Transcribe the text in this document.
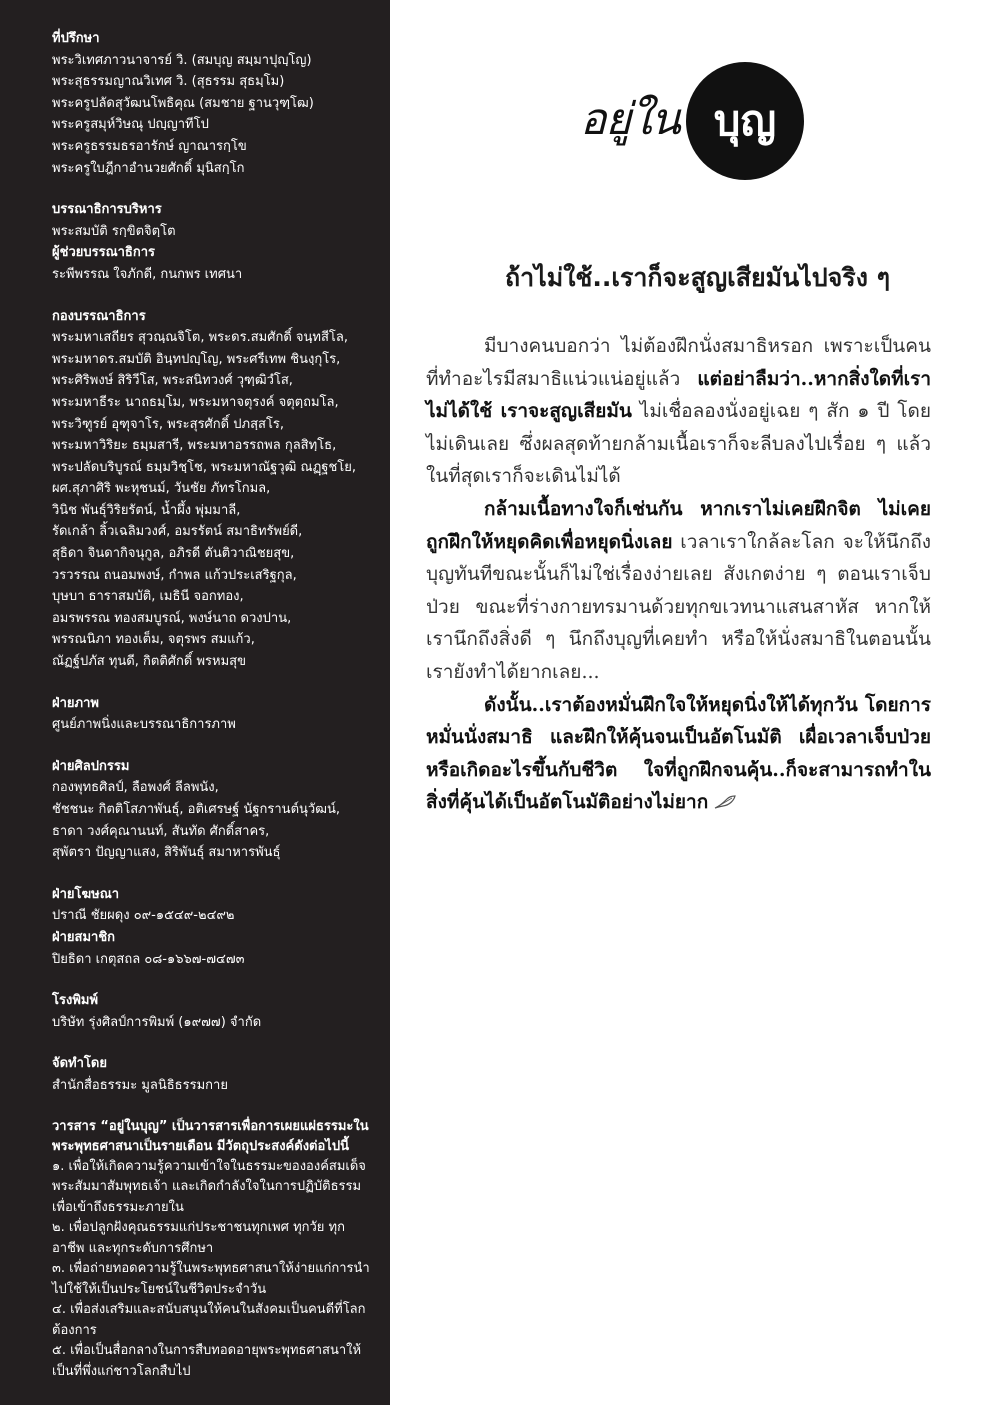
ที่ปรึกษา
พระวิเทศภาวนาจารย์ วิ. (สมบุญ สมฺมาปุญฺโญ)
พระสุธรรมญาณวิเทศ วิ. (สุธรรม สุธมฺโม)
พระครูปลัดสุวัฒนโพธิคุณ (สมชาย ฐานวุฑฺโฒ)
พระครูสมุห์วิษณุ ปญฺญาทีโป
พระครูธรรมธรอารักษ์ ญาณารกฺโข
พระครูใบฎีกาอำนวยศักดิ์ มุนิสกฺโก
บรรณาธิการบริหาร
พระสมบัติ รกฺขิตจิตฺโต
ผู้ช่วยบรรณาธิการ
ระพีพรรณ ใจภักดี, กนกพร เทศนา
กองบรรณาธิการ
พระมหาเสถียร สุวณฺณจิโต, พระดร.สมศักดิ์ จนฺทสีโล,
พระมหาดร.สมบัติ อินฺทปญฺโญ, พระศรีเทพ ชินงฺกุโร,
พระศิริพงษ์ สิริวีโส, พระสนิทวงศ์ วุฑฺฒิวํโส,
พระมหาธีระ นาถธมฺโม, พระมหาจตุรงค์ จตุตฺถมโล,
พระวิฑูรย์ อุฑุจาโร, พระสุรศักดิ์ ปภสฺสโร,
พระมหาวิริยะ ธมฺมสารี, พระมหาอรรถพล กุลสิทฺโธ,
พระปลัดบริบูรณ์ ธมฺมวิชฺโช, พระมหาณัฐวุฒิ ณฏฺฐชโย,
ผศ.สุภาศิริ พะหุชนม์, วันชัย ภัทรโกมล,
วินิช พันธุ์วิริยรัตน์, น้ำผึ้ง พุ่มมาลี,
รัดเกล้า ลิ้วเฉลิมวงศ์, อมรรัตน์ สมาธิทรัพย์ดี,
สุธิดา จินดากิจนุกูล, อภิรดี ตันติวาณิชยสุข,
วรวรรณ ถนอมพงษ์, กำพล แก้วประเสริฐกุล,
บุษบา ธาราสมบัติ, เมธินี จอกทอง,
อมรพรรณ ทองสมบูรณ์, พงษ์นาถ ดวงปาน,
พรรณนิภา ทองเต็ม, จตุรพร สมแก้ว,
ณัฏฐ์ปภัส ทุนดี, กิตติศักดิ์ พรหมสุข
ฝ่ายภาพ
ศูนย์ภาพนิ่งและบรรณาธิการภาพ
ฝ่ายศิลปกรรม
กองพุทธศิลป์, ลือพงศ์ ลีลพนัง,
ชัชชนะ กิตติโสภาพันธุ์, อติเศรษฐ์ นัฐกรานต์นุวัฒน์,
ธาดา วงศ์คุณานนท์, สันทัด ศักดิ์สาคร,
สุพัตรา ปัญญาแสง, สิริพันธุ์ สมาหารพันธุ์
ฝ่ายโฆษณา
ปราณี ชัยผดุง ๐๙-๑๕๔๙-๒๔๙๒
ฝ่ายสมาชิก
ปิยธิดา เกตุสถล ๐๘-๑๖๖๗-๗๔๗๓
โรงพิมพ์
บริษัท รุ่งศิลป์การพิมพ์ (๑๙๗๗) จำกัด
จัดทำโดย
สำนักสื่อธรรมะ มูลนิธิธรรมกาย
วารสาร “อยู่ในบุญ” เป็นวารสารเพื่อการเผยแผ่ธรรมะในพระพุทธศาสนาเป็นรายเดือน มีวัตถุประสงค์ดังต่อไปนี้
๑. เพื่อให้เกิดความรู้ความเข้าใจในธรรมะขององค์สมเด็จพระสัมมาสัมพุทธเจ้า และเกิดกำลังใจในการปฏิบัติธรรมเพื่อเข้าถึงธรรมะภายใน
๒. เพื่อปลูกฝังคุณธรรมแก่ประชาชนทุกเพศ ทุกวัย ทุกอาชีพ และทุกระดับการศึกษา
๓. เพื่อถ่ายทอดความรู้ในพระพุทธศาสนาให้ง่ายแก่การนำไปใช้ให้เป็นประโยชน์ในชีวิตประจำวัน
๔. เพื่อส่งเสริมและสนับสนุนให้คนในสังคมเป็นคนดีที่โลกต้องการ
๕. เพื่อเป็นสื่อกลางในการสืบทอดอายุพระพุทธศาสนาให้เป็นที่พึ่งแก่ชาวโลกสืบไป
อยู่ใน บุญ
ถ้าไม่ใช้..เราก็จะสูญเสียมันไปจริง ๆ

มีบางคนบอกว่า ไม่ต้องฝึกนั่งสมาธิหรอก เพราะเป็นคนที่ทำอะไรมีสมาธิแน่วแน่อยู่แล้ว แต่อย่าลืมว่า..หากสิ่งใดที่เราไม่ได้ใช้ เราจะสูญเสียมัน ไม่เชื่อลองนั่งอยู่เฉย ๆ สัก ๑ ปี โดยไม่เดินเลย ซึ่งผลสุดท้ายกล้ามเนื้อเราก็จะลีบลงไปเรื่อย ๆ แล้วในที่สุดเราก็จะเดินไม่ได้

กล้ามเนื้อทางใจก็เช่นกัน หากเราไม่เคยฝึกจิต ไม่เคยถูกฝึกให้หยุดคิดเพื่อหยุดนิ่งเลย เวลาเราใกล้ละโลก จะให้นึกถึงบุญทันทีขณะนั้นก็ไม่ใช่เรื่องง่ายเลย สังเกตง่าย ๆ ตอนเราเจ็บป่วย ขณะที่ร่างกายทรมานด้วยทุกขเวทนาแสนสาหัส หากให้เรานึกถึงสิ่งดี ๆ นึกถึงบุญที่เคยทำ หรือให้นั่งสมาธิในตอนนั้น เรายังทำได้ยากเลย...

ดังนั้น..เราต้องหมั่นฝึกใจให้หยุดนิ่งให้ได้ทุกวัน โดยการหมั่นนั่งสมาธิ และฝึกให้คุ้นจนเป็นอัตโนมัติ เผื่อเวลาเจ็บป่วยหรือเกิดอะไรขึ้นกับชีวิต ใจที่ถูกฝึกจนคุ้น..ก็จะสามารถทำในสิ่งที่คุ้นได้เป็นอัตโนมัติอย่างไม่ยาก
